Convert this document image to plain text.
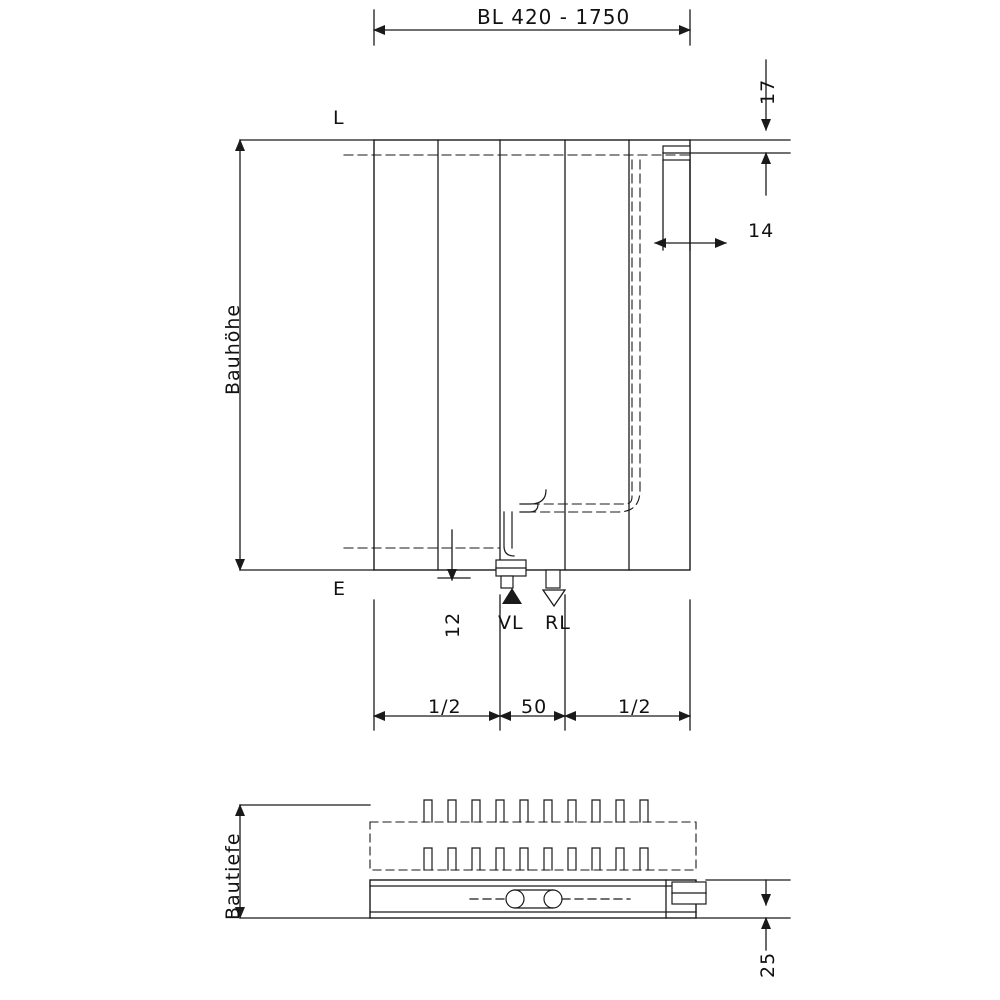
BL 420 - 1750
Bauhöhe
Bautiefe
L
E
17
14
12
1/2	50	1/2
VL RL
25
